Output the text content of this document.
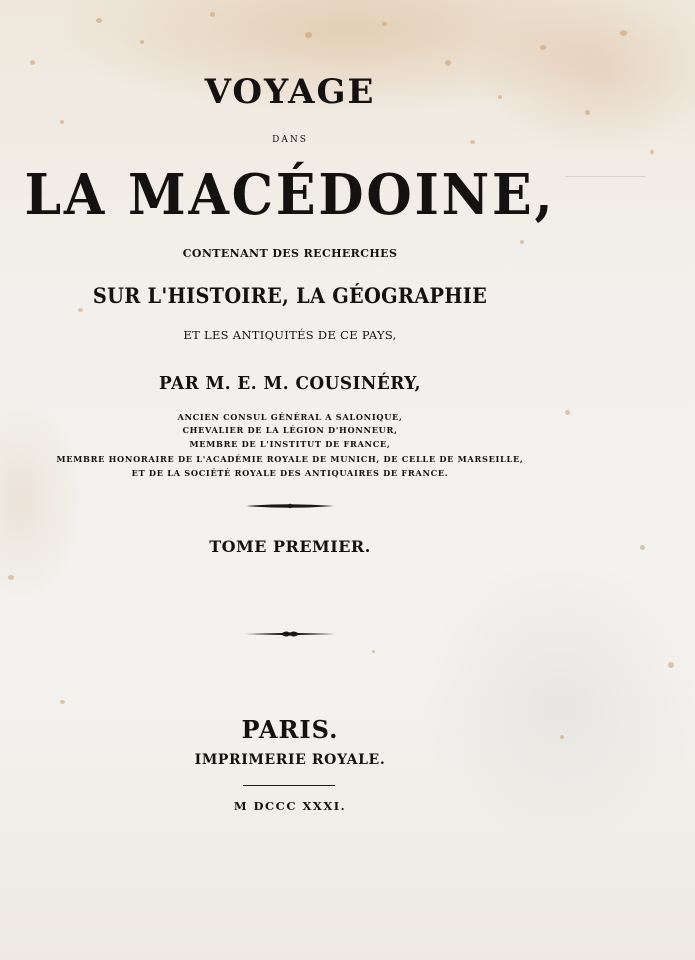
VOYAGE
DANS
LA MACÉDOINE,
CONTENANT DES RECHERCHES
SUR L'HISTOIRE, LA GÉOGRAPHIE
ET LES ANTIQUITÉS DE CE PAYS,
PAR M. E. M. COUSINÉRY,
ANCIEN CONSUL GÉNÉRAL A SALONIQUE,
CHEVALIER DE LA LÉGION D'HONNEUR,
MEMBRE DE L'INSTITUT DE FRANCE,
MEMBRE HONORAIRE DE L'ACADÉMIE ROYALE DE MUNICH, DE CELLE DE MARSEILLE,
ET DE LA SOCIÉTÉ ROYALE DES ANTIQUAIRES DE FRANCE.
TOME PREMIER.
PARIS.
IMPRIMERIE ROYALE.
M DCCC XXXI.
